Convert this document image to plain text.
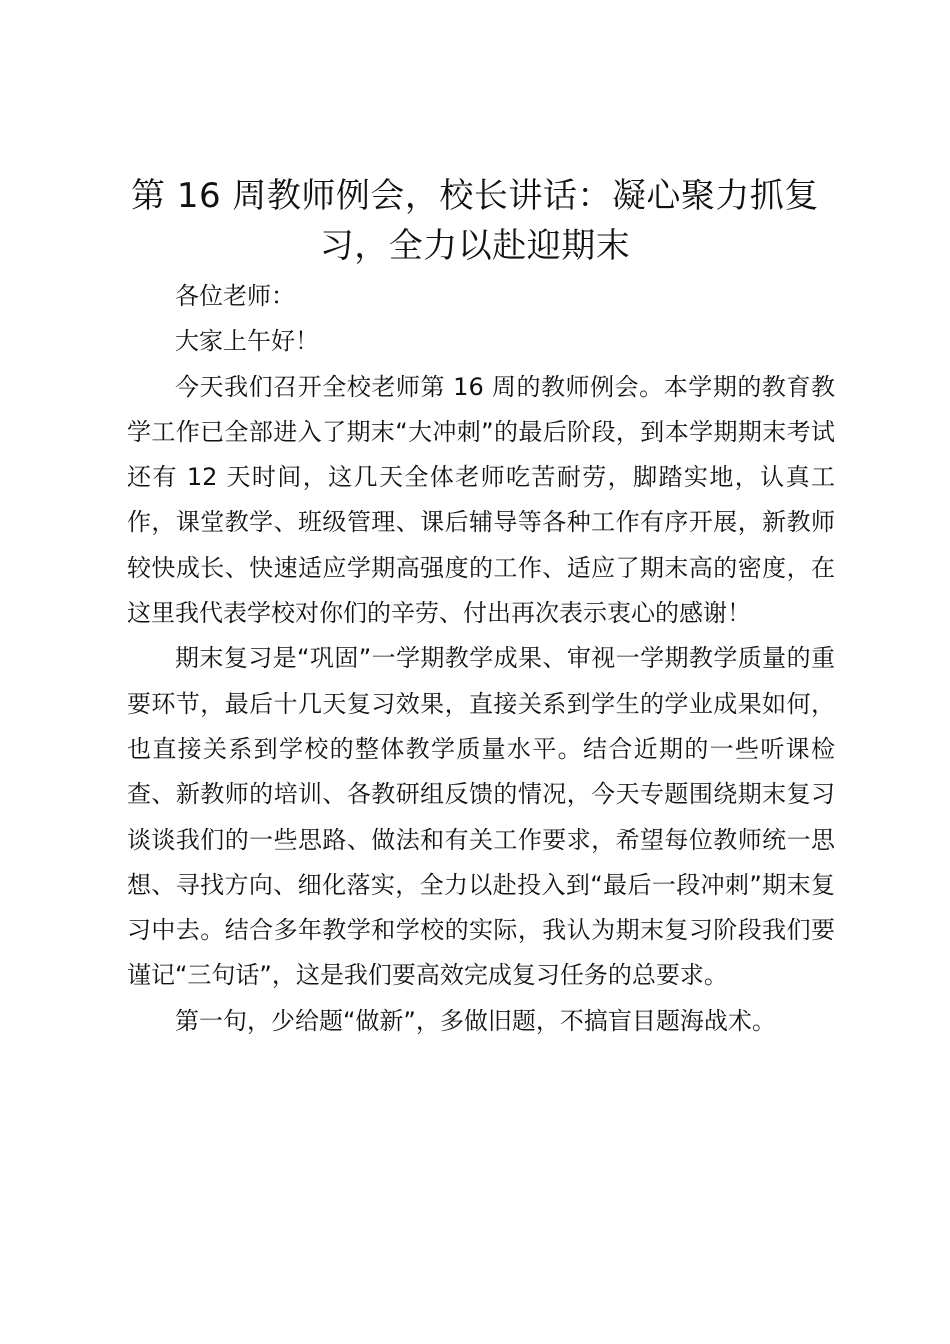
第 16 周教师例会，校长讲话：凝心聚力抓复习，全力以赴迎期末

各位老师：

大家上午好！

今天我们召开全校老师第 16 周的教师例会。本学期的教育教学工作已全部进入了期末“大冲刺”的最后阶段，到本学期期末考试还有 12 天时间，这几天全体老师吃苦耐劳，脚踏实地，认真工作，课堂教学、班级管理、课后辅导等各种工作有序开展，新教师较快成长、快速适应学期高强度的工作、适应了期末高的密度，在这里我代表学校对你们的辛劳、付出再次表示衷心的感谢！

期末复习是“巩固”一学期教学成果、审视一学期教学质量的重要环节，最后十几天复习效果，直接关系到学生的学业成果如何，也直接关系到学校的整体教学质量水平。结合近期的一些听课检查、新教师的培训、各教研组反馈的情况，今天专题围绕期末复习谈谈我们的一些思路、做法和有关工作要求，希望每位教师统一思想、寻找方向、细化落实，全力以赴投入到“最后一段冲刺”期末复习中去。结合多年教学和学校的实际，我认为期末复习阶段我们要谨记“三句话”，这是我们要高效完成复习任务的总要求。

第一句，少给题“做新”，多做旧题，不搞盲目题海战术。
